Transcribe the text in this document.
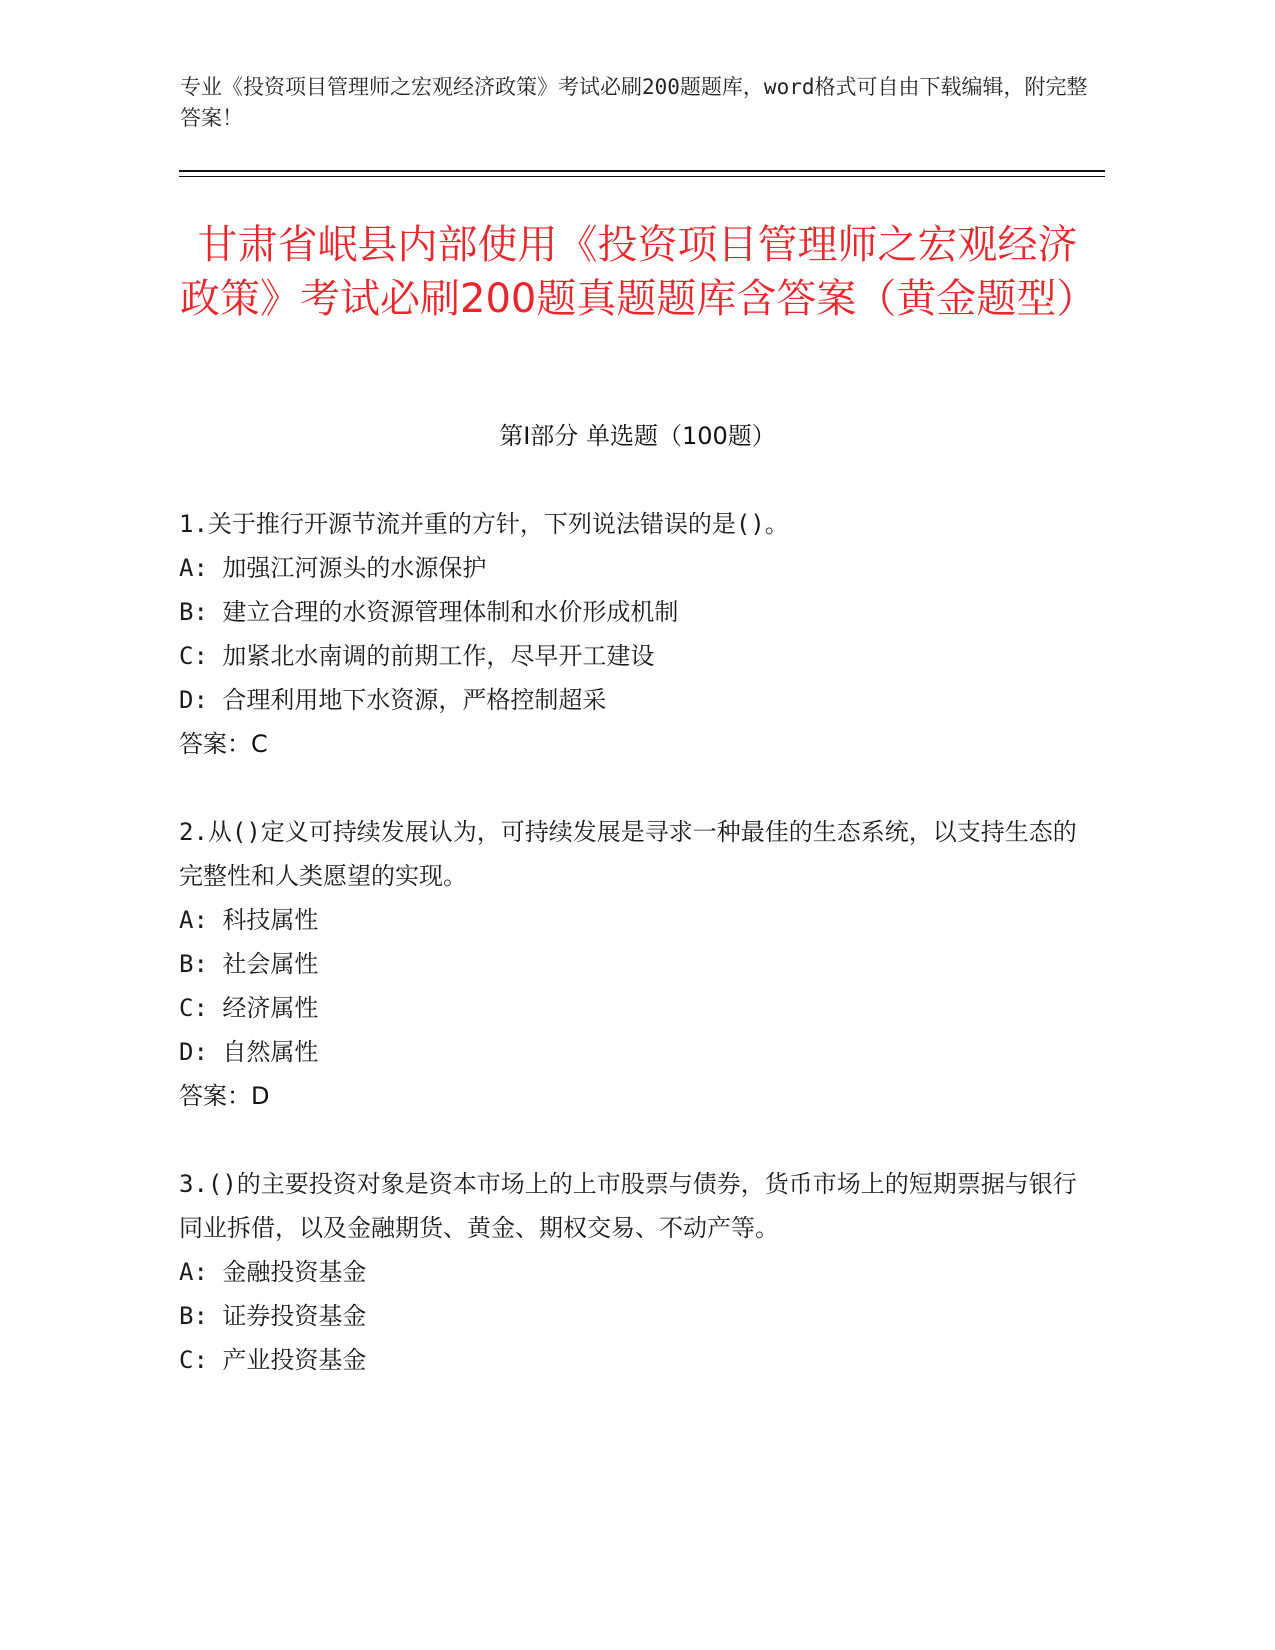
专业《投资项目管理师之宏观经济政策》考试必刷200题题库，word格式可自由下载编辑，附完整答案！
甘肃省岷县内部使用《投资项目管理师之宏观经济政策》考试必刷200题真题题库含答案（黄金题型）
第I部分 单选题（100题）
1.关于推行开源节流并重的方针，下列说法错误的是()。
A: 加强江河源头的水源保护
B: 建立合理的水资源管理体制和水价形成机制
C: 加紧北水南调的前期工作，尽早开工建设
D: 合理利用地下水资源，严格控制超采
答案：C
2.从()定义可持续发展认为，可持续发展是寻求一种最佳的生态系统，以支持生态的完整性和人类愿望的实现。
A: 科技属性
B: 社会属性
C: 经济属性
D: 自然属性
答案：D
3.()的主要投资对象是资本市场上的上市股票与债券，货币市场上的短期票据与银行同业拆借，以及金融期货、黄金、期权交易、不动产等。
A: 金融投资基金
B: 证券投资基金
C: 产业投资基金
